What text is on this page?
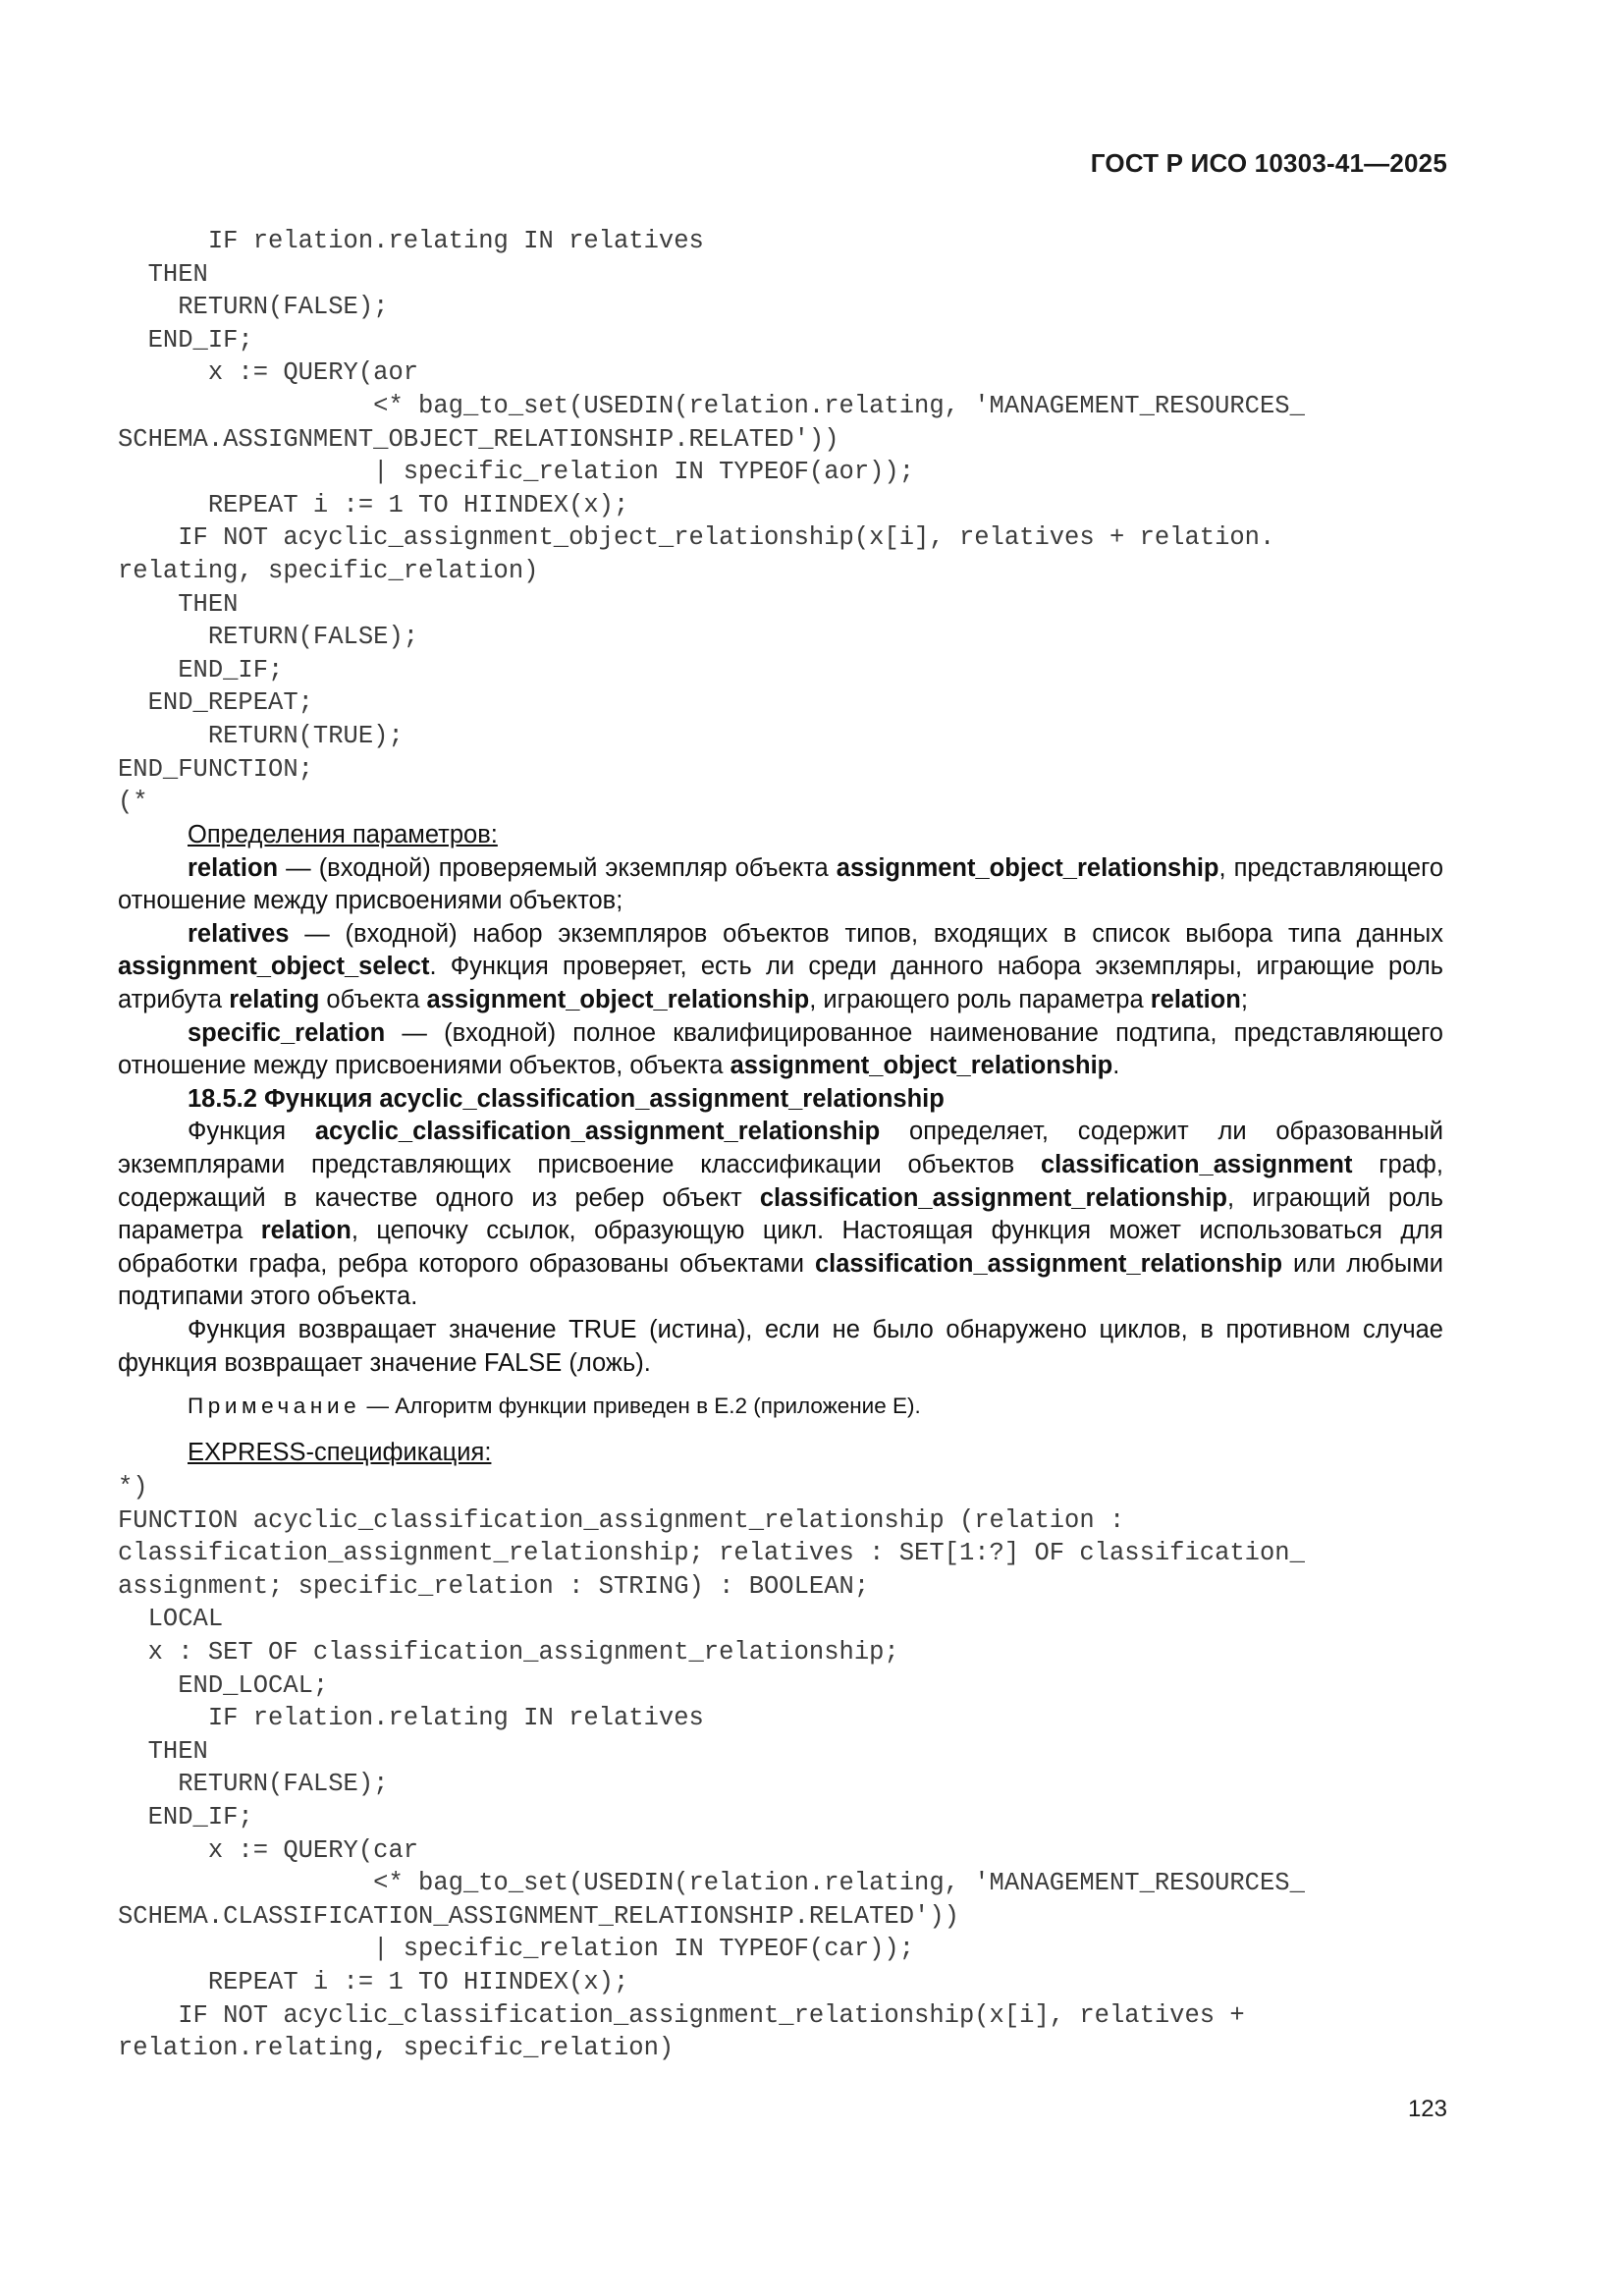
ГОСТ Р ИСО 10303-41—2025
IF relation.relating IN relatives
THEN
RETURN(FALSE);
END_IF;
x := QUERY(aor
<* bag_to_set(USEDIN(relation.relating, 'MANAGEMENT_RESOURCES_
SCHEMA.ASSIGNMENT_OBJECT_RELATIONSHIP.RELATED'))
| specific_relation IN TYPEOF(aor));
REPEAT i := 1 TO HIINDEX(x);
IF NOT acyclic_assignment_object_relationship(x[i], relatives + relation.
relating, specific_relation)
THEN
RETURN(FALSE);
END_IF;
END_REPEAT;
RETURN(TRUE);
END_FUNCTION;
(*

Определения параметров:

relation — (входной) проверяемый экземпляр объекта assignment_object_relationship, представляющего отношение между присвоениями объектов;

relatives — (входной) набор экземпляров объектов типов, входящих в список выбора типа данных assignment_object_select. Функция проверяет, есть ли среди данного набора экземпляры, играющие роль атрибута relating объекта assignment_object_relationship, играющего роль параметра relation;

specific_relation — (входной) полное квалифицированное наименование подтипа, представляющего отношение между присвоениями объектов, объекта assignment_object_relationship.

18.5.2 Функция acyclic_classification_assignment_relationship

Функция acyclic_classification_assignment_relationship определяет, содержит ли образованный экземплярами представляющих присвоение классификации объектов classification_assignment граф, содержащий в качестве одного из ребер объект classification_assignment_relationship, играющий роль параметра relation, цепочку ссылок, образующую цикл. Настоящая функция может использоваться для обработки графа, ребра которого образованы объектами classification_assignment_relationship или любыми подтипами этого объекта.

Функция возвращает значение TRUE (истина), если не было обнаружено циклов, в противном случае функция возвращает значение FALSE (ложь).

Примечание — Алгоритм функции приведен в Е.2 (приложение Е).

EXPRESS-спецификация:

*)
FUNCTION acyclic_classification_assignment_relationship (relation :
classification_assignment_relationship; relatives : SET[1:?] OF classification_
assignment; specific_relation : STRING) : BOOLEAN;
LOCAL
x : SET OF classification_assignment_relationship;
END_LOCAL;
IF relation.relating IN relatives
THEN
RETURN(FALSE);
END_IF;
x := QUERY(car
<* bag_to_set(USEDIN(relation.relating, 'MANAGEMENT_RESOURCES_
SCHEMA.CLASSIFICATION_ASSIGNMENT_RELATIONSHIP.RELATED'))
| specific_relation IN TYPEOF(car));
REPEAT i := 1 TO HIINDEX(x);
IF NOT acyclic_classification_assignment_relationship(x[i], relatives +
relation.relating, specific_relation)
123
